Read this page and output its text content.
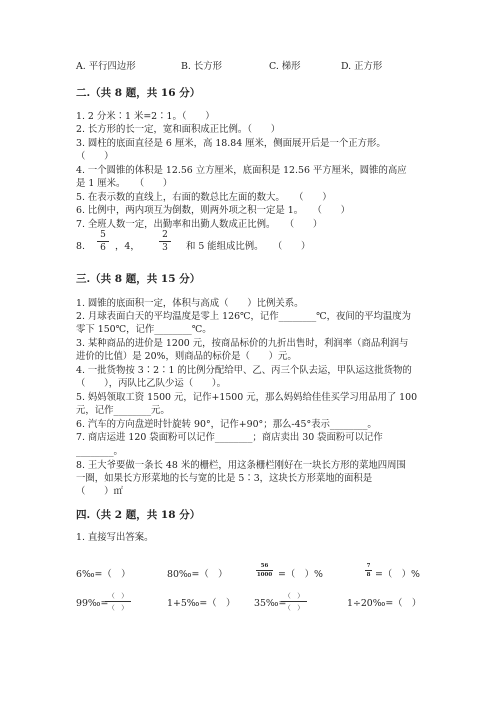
A. 平行四边形	B. 长方形	C. 梯形	D. 正方形
二.（共 8 题，共 16 分）
1. 2 分米∶1 米=2∶1。（　　）
2. 长方形的长一定，宽和面积成正比例。（　　）
3. 圆柱的底面直径是 6 厘米，高 18.84 厘米，侧面展开后是一个正方形。
（　　）
4. 一个圆锥的体积是 12.56 立方厘米，底面积是 12.56 平方厘米，圆锥的高应
是 1 厘米。　　（　　）
5. 在表示数的直线上，右面的数总比左面的数大。　　（　　）
6. 比例中，两内项互为倒数，则两外项之积一定是 1。　　（　　）
7. 全班人数一定，出勤率和出勤人数成正比例。　　（　　）
8.
5
6 ，4，
2
3 和 5 能组成比例。　　（　　）
三.（共 8 题，共 15 分）
1. 圆锥的底面积一定，体积与高成（　　）比例关系。
2. 月球表面白天的平均温度是零上 126℃，记作________℃，夜间的平均温度为
零下 150℃，记作________℃。
3. 某种商品的进价是 1200 元，按商品标价的九折出售时，利润率（商品利润与
进价的比值）是 20%，则商品的标价是（　　）元。
4. 一批货物按 3∶2∶1 的比例分配给甲、乙、丙三个队去运，甲队运这批货物的
（　　），丙队比乙队少运（　　）。
5. 妈妈领取工资 1500 元，记作+1500 元，那么妈妈给佳佳买学习用品用了 100
元，记作________元。
6. 汽车的方向盘逆时针旋转 90°，记作+90°；那么-45°表示________。
7. 商店运进 120 袋面粉可以记作________；商店卖出 30 袋面粉可以记作
________。
8. 王大爷要做一条长 48 米的栅栏，用这条栅栏刚好在一块长方形的菜地四周围
一圈，如果长方形菜地的长与宽的比是 5∶3，这块长方形菜地的面积是
（　　）㎡
四.（共 2 题，共 18 分）
1. 直接写出答案。
6‰=（　）	80‰=（　）
56
1000 =（　）%
7
8 =（　）%
99‰=
（　）
（　）	1+5‰=（　） 35‰=
（　）
（　）	1÷20‰=（　）
